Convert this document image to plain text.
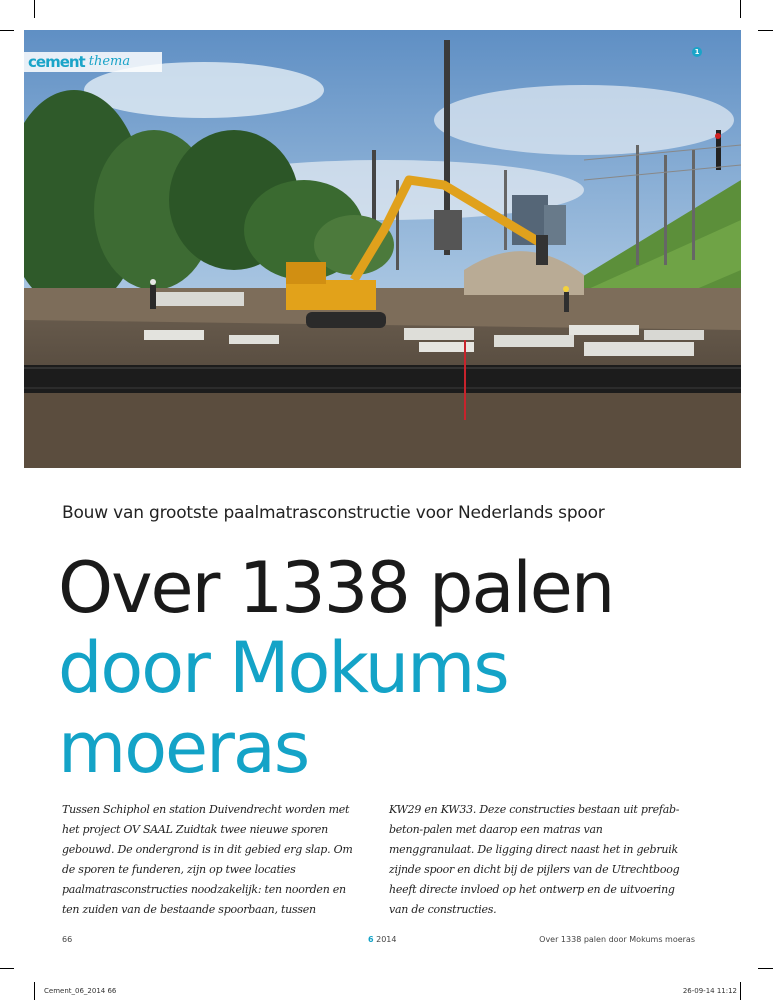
cement thema
1
Bouw van grootste paalmatrasconstructie voor Nederlands spoor
Over 1338 palen
door Mokums
moeras

Tussen Schiphol en station Duivendrecht worden met het project OV SAAL Zuidtak twee nieuwe sporen gebouwd. De ondergrond is in dit gebied erg slap. Om de sporen te funderen, zijn op twee locaties paalmatrasconstructies noodzakelijk: ten noorden en ten zuiden van de bestaande spoorbaan, tussen

KW29 en KW33. Deze constructies bestaan uit prefab-beton-palen met daarop een matras van menggranulaat. De ligging direct naast het in gebruik zijnde spoor en dicht bij de pijlers van de Utrechtboog heeft directe invloed op het ontwerp en de uitvoering van de constructies.

66	6 2014	Over 1338 palen door Mokums moeras
Cement_06_2014 66	26-09-14 11:12
